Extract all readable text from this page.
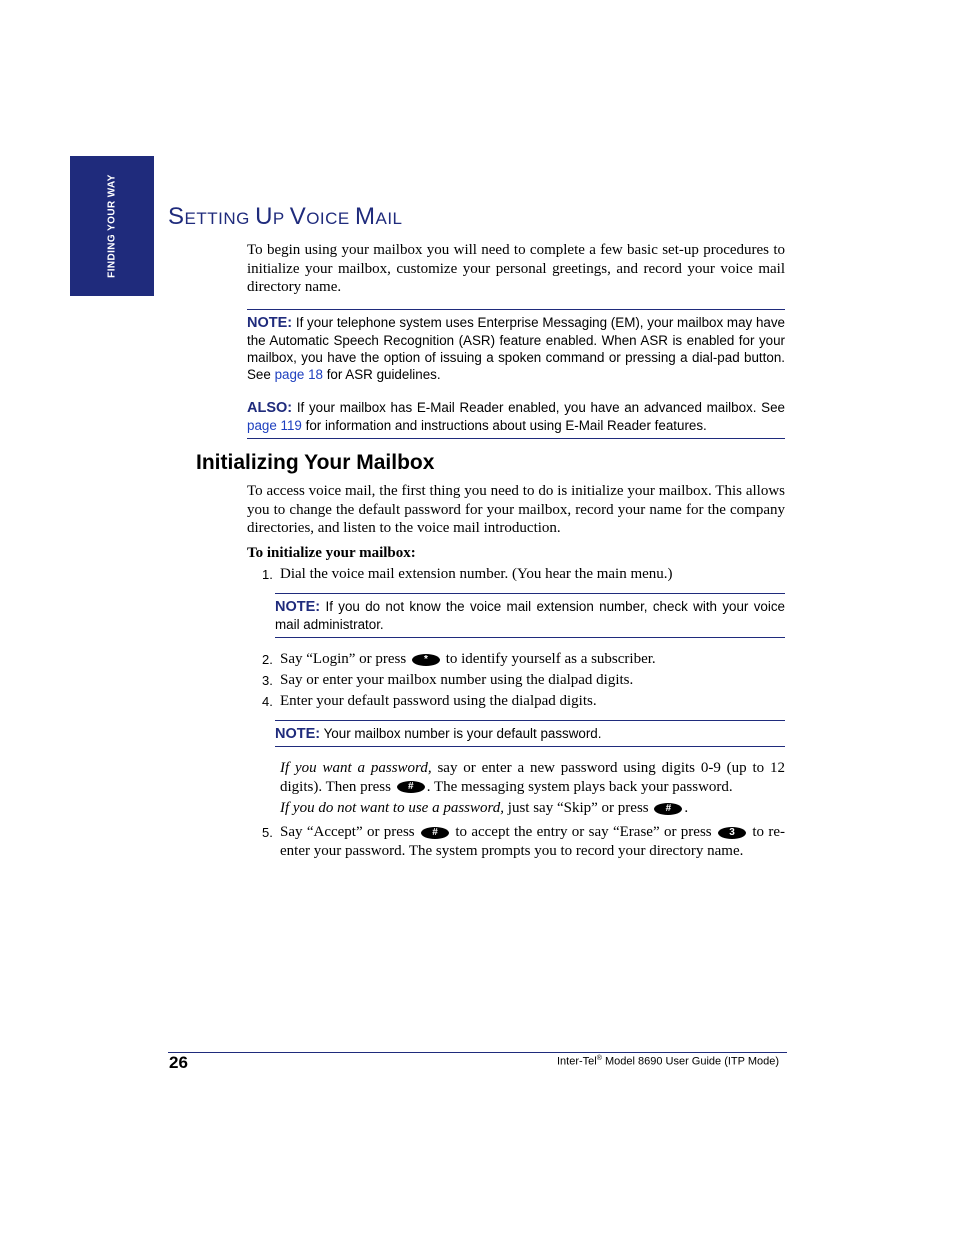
FINDING YOUR WAY SETTING UP VOICE MAIL
To begin using your mailbox you will need to complete a few basic set-up procedures to initialize your mailbox, customize your personal greetings, and record your voice mail directory name.
NOTE: If your telephone system uses Enterprise Messaging (EM), your mailbox may have the Automatic Speech Recognition (ASR) feature enabled. When ASR is enabled for your mailbox, you have the option of issuing a spoken command or pressing a dial-pad button. See page 18 for ASR guidelines.
ALSO: If your mailbox has E-Mail Reader enabled, you have an advanced mailbox. See page 119 for information and instructions about using E-Mail Reader features.
Initializing Your Mailbox
To access voice mail, the first thing you need to do is initialize your mailbox. This allows you to change the default password for your mailbox, record your name for the company directories, and listen to the voice mail introduction.
To initialize your mailbox:
1. Dial the voice mail extension number. (You hear the main menu.)
NOTE: If you do not know the voice mail extension number, check with your voice mail administrator.
2. Say “Login” or press * to identify yourself as a subscriber.
3. Say or enter your mailbox number using the dialpad digits.
4. Enter your default password using the dialpad digits.
NOTE: Your mailbox number is your default password.
If you want a password, say or enter a new password using digits 0-9 (up to 12 digits). Then press # . The messaging system plays back your password.
If you do not want to use a password, just say “Skip” or press # .
5. Say “Accept” or press # to accept the entry or say “Erase” or press 3 to re-enter your password. The system prompts you to record your directory name.
26	Inter-Tel® Model 8690 User Guide (ITP Mode)
